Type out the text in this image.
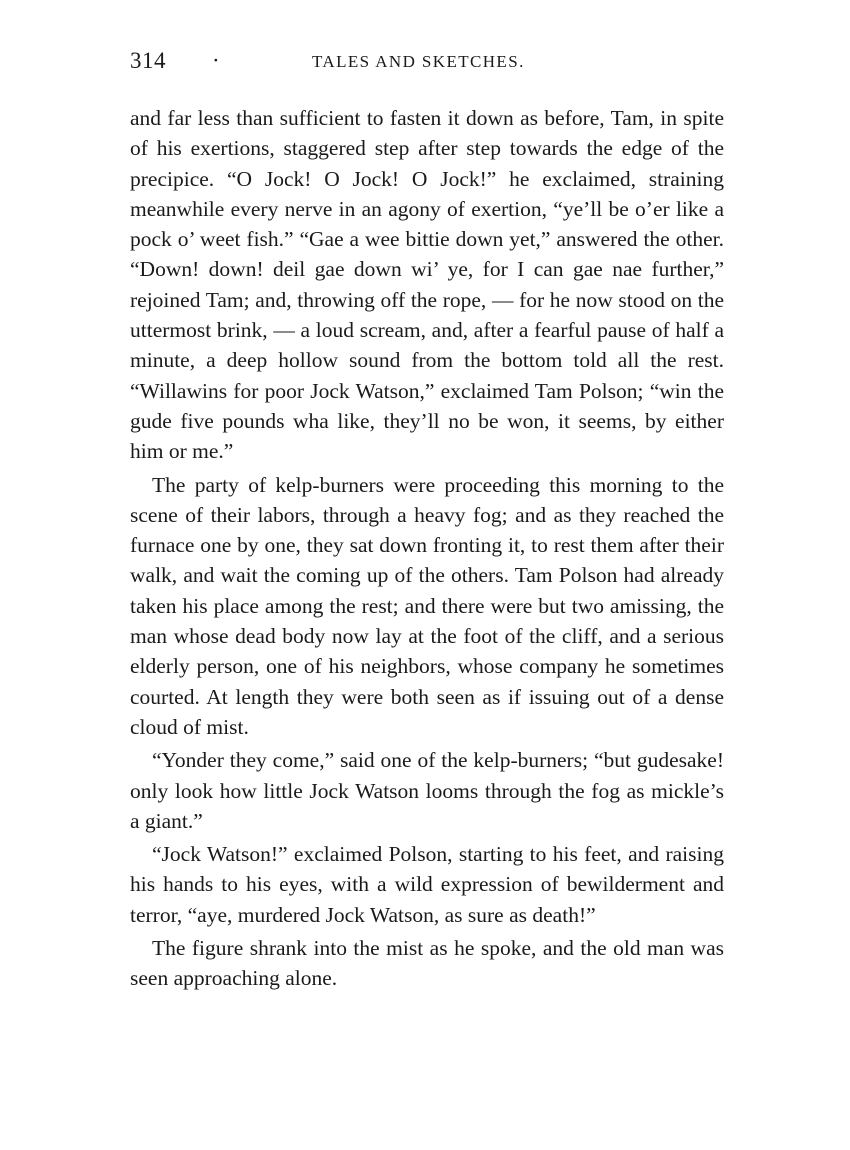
314 ·	TALES AND SKETCHES.

and far less than sufficient to fasten it down as before, Tam, in spite of his exertions, staggered step after step towards the edge of the precipice. “O Jock! O Jock! O Jock!” he exclaimed, straining meanwhile every nerve in an agony of exertion, “ye’ll be o’er like a pock o’ weet fish.” “Gae a wee bittie down yet,” answered the other. “Down! down! deil gae down wi’ ye, for I can gae nae further,” rejoined Tam; and, throwing off the rope, — for he now stood on the uttermost brink, — a loud scream, and, after a fearful pause of half a minute, a deep hollow sound from the bottom told all the rest. “Willawins for poor Jock Watson,” exclaimed Tam Polson; “win the gude five pounds wha like, they’ll no be won, it seems, by either him or me.”

The party of kelp-burners were proceeding this morning to the scene of their labors, through a heavy fog; and as they reached the furnace one by one, they sat down fronting it, to rest them after their walk, and wait the coming up of the others. Tam Polson had already taken his place among the rest; and there were but two amissing, the man whose dead body now lay at the foot of the cliff, and a serious elderly person, one of his neighbors, whose company he sometimes courted. At length they were both seen as if issuing out of a dense cloud of mist.

“Yonder they come,” said one of the kelp-burners; “but gudesake! only look how little Jock Watson looms through the fog as mickle’s a giant.”

“Jock Watson!” exclaimed Polson, starting to his feet, and raising his hands to his eyes, with a wild expression of bewilderment and terror, “aye, murdered Jock Watson, as sure as death!”

The figure shrank into the mist as he spoke, and the old man was seen approaching alone.
